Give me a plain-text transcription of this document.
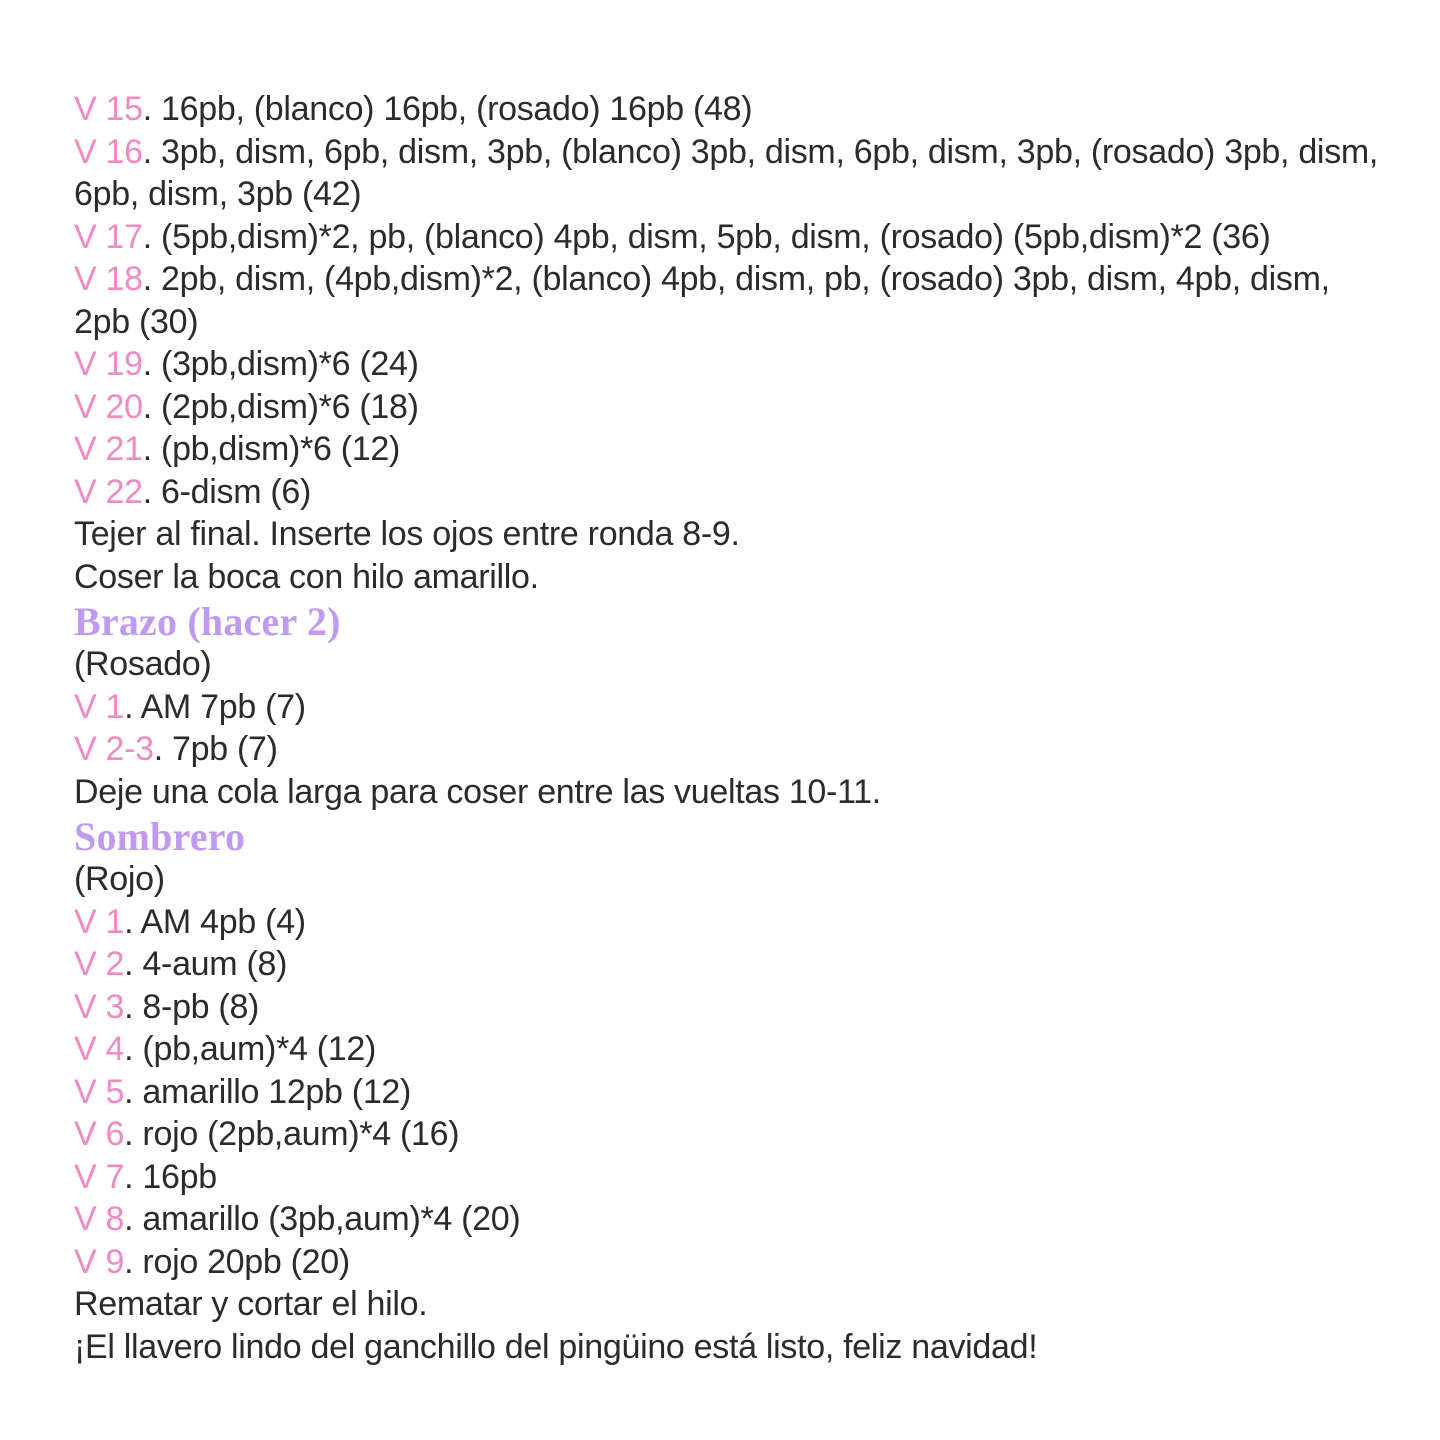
V 15. 16pb, (blanco) 16pb, (rosado) 16pb (48)
V 16. 3pb, dism, 6pb, dism, 3pb, (blanco) 3pb, dism, 6pb, dism, 3pb, (rosado) 3pb, dism, 6pb, dism, 3pb (42)
V 17. (5pb,dism)*2, pb, (blanco) 4pb, dism, 5pb, dism, (rosado) (5pb,dism)*2 (36)
V 18. 2pb, dism, (4pb,dism)*2, (blanco) 4pb, dism, pb, (rosado) 3pb, dism, 4pb, dism,
2pb (30)
V 19. (3pb,dism)*6 (24)
V 20. (2pb,dism)*6 (18)
V 21. (pb,dism)*6 (12)
V 22. 6-dism (6)
Tejer al final. Inserte los ojos entre ronda 8-9.
Coser la boca con hilo amarillo.
Brazo (hacer 2)
(Rosado)
V 1. AM 7pb (7)
V 2-3. 7pb (7)
Deje una cola larga para coser entre las vueltas 10-11.
Sombrero
(Rojo)
V 1. AM 4pb (4)
V 2. 4-aum (8)
V 3. 8-pb (8)
V 4. (pb,aum)*4 (12)
V 5. amarillo 12pb (12)
V 6. rojo (2pb,aum)*4 (16)
V 7. 16pb
V 8. amarillo (3pb,aum)*4 (20)
V 9. rojo 20pb (20)
Rematar y cortar el hilo.
¡El llavero lindo del ganchillo del pingüino está listo, feliz navidad!
